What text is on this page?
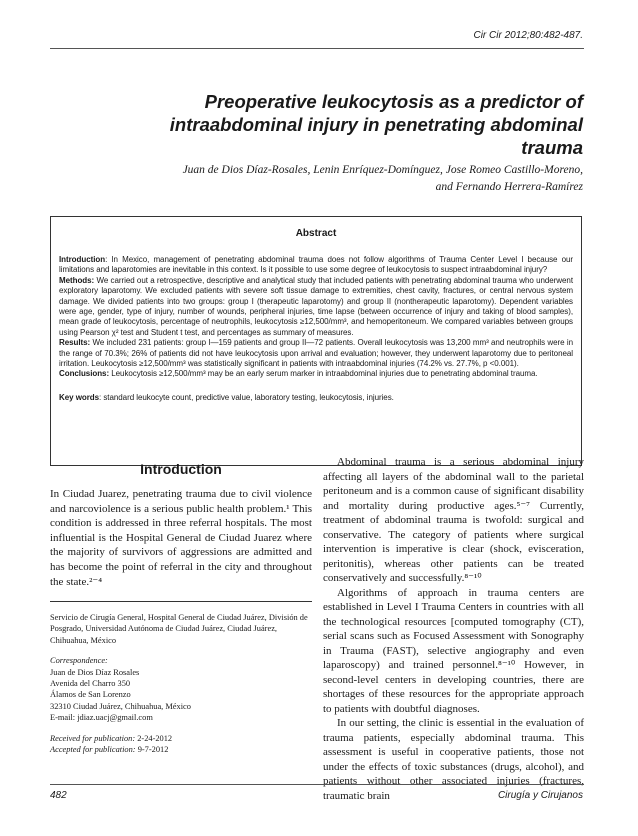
Cir Cir 2012;80:482-487.
Preoperative leukocytosis as a predictor of intraabdominal injury in penetrating abdominal trauma
Juan de Dios Díaz-Rosales, Lenin Enríquez-Domínguez, Jose Romeo Castillo-Moreno,
and Fernando Herrera-Ramírez
Abstract

Introduction: In Mexico, management of penetrating abdominal trauma does not follow algorithms of Trauma Center Level I because our limitations and laparotomies are inevitable in this context. Is it possible to use some degree of leukocytosis to suspect intraabdominal injury?

Methods: We carried out a retrospective, descriptive and analytical study that included patients with penetrating abdominal trauma who underwent exploratory laparotomy. We excluded patients with severe soft tissue damage to extremities, chest cavity, fractures, or central nervous system damage. We divided patients into two groups: group I (therapeutic laparotomy) and group II (nontherapeutic laparotomy). Dependent variables were age, gender, type of injury, number of wounds, peripheral injuries, time lapse (between occurrence of injury and taking of blood samples), mean grade of leukocytosis, percentage of neutrophils, leukocytosis ≥12,500/mm³, and hemoperitoneum. We compared variables between groups using Pearson χ² test and Student t test, and percentages as summary of measures.

Results: We included 231 patients: group I—159 patients and group II—72 patients. Overall leukocytosis was 13,200 mm³ and neutrophils were in the range of 70.3%; 26% of patients did not have leukocytosis upon arrival and evaluation; however, they underwent laparotomy due to peritoneal irritation. Leukocytosis ≥12,500/mm³ was statistically significant in patients with intraabdominal injuries (74.2% vs. 27.7%, p <0.001).

Conclusions: Leukocytosis ≥12,500/mm³ may be an early serum marker in intraabdominal injuries due to penetrating abdominal trauma.

Key words: standard leukocyte count, predictive value, laboratory testing, leukocytosis, injuries.

Introduction
In Ciudad Juarez, penetrating trauma due to civil violence and narcoviolence is a serious public health problem.¹ This condition is addressed in three referral hospitals. The most influential is the Hospital General de Ciudad Juarez where the majority of survivors of aggressions are admitted and has become the point of referral in the city and throughout the state.²⁻⁴
Servicio de Cirugía General, Hospital General de Ciudad Juárez, División de Posgrado, Universidad Autónoma de Ciudad Juárez, Ciudad Juárez, Chihuahua, México
Correspondence:
Juan de Dios Díaz Rosales
Avenida del Charro 350
Álamos de San Lorenzo
32310 Ciudad Juárez, Chihuahua, México
E-mail: jdiaz.uacj@gmail.com
Received for publication: 2-24-2012
Accepted for publication: 9-7-2012

Abdominal trauma is a serious abdominal injury affecting all layers of the abdominal wall to the parietal peritoneum and is a common cause of significant disability and mortality during productive ages.⁵⁻⁷ Currently, treatment of abdominal trauma is twofold: surgical and conservative. The category of patients where surgical intervention is imperative is clear (shock, evisceration, peritonitis), whereas other patients can be treated conservatively and successfully.⁸⁻¹⁰

Algorithms of approach in trauma centers are established in Level I Trauma Centers in countries with all the technological resources [computed tomography (CT), serial scans such as Focused Assessment with Sonography in Trauma (FAST), selective angiography and even laparoscopy) and trained personnel.⁸⁻¹⁰ However, in second-level centers in developing countries, there are shortages of these resources for the appropriate approach to patients with doubtful diagnoses.

In our setting, the clinic is essential in the evaluation of trauma patients, especially abdominal trauma. This assessment is useful in cooperative patients, those not under the effects of toxic substances (drugs, alcohol), and patients without other associated injuries (fractures, traumatic brain

482	Cirugía y Cirujanos
